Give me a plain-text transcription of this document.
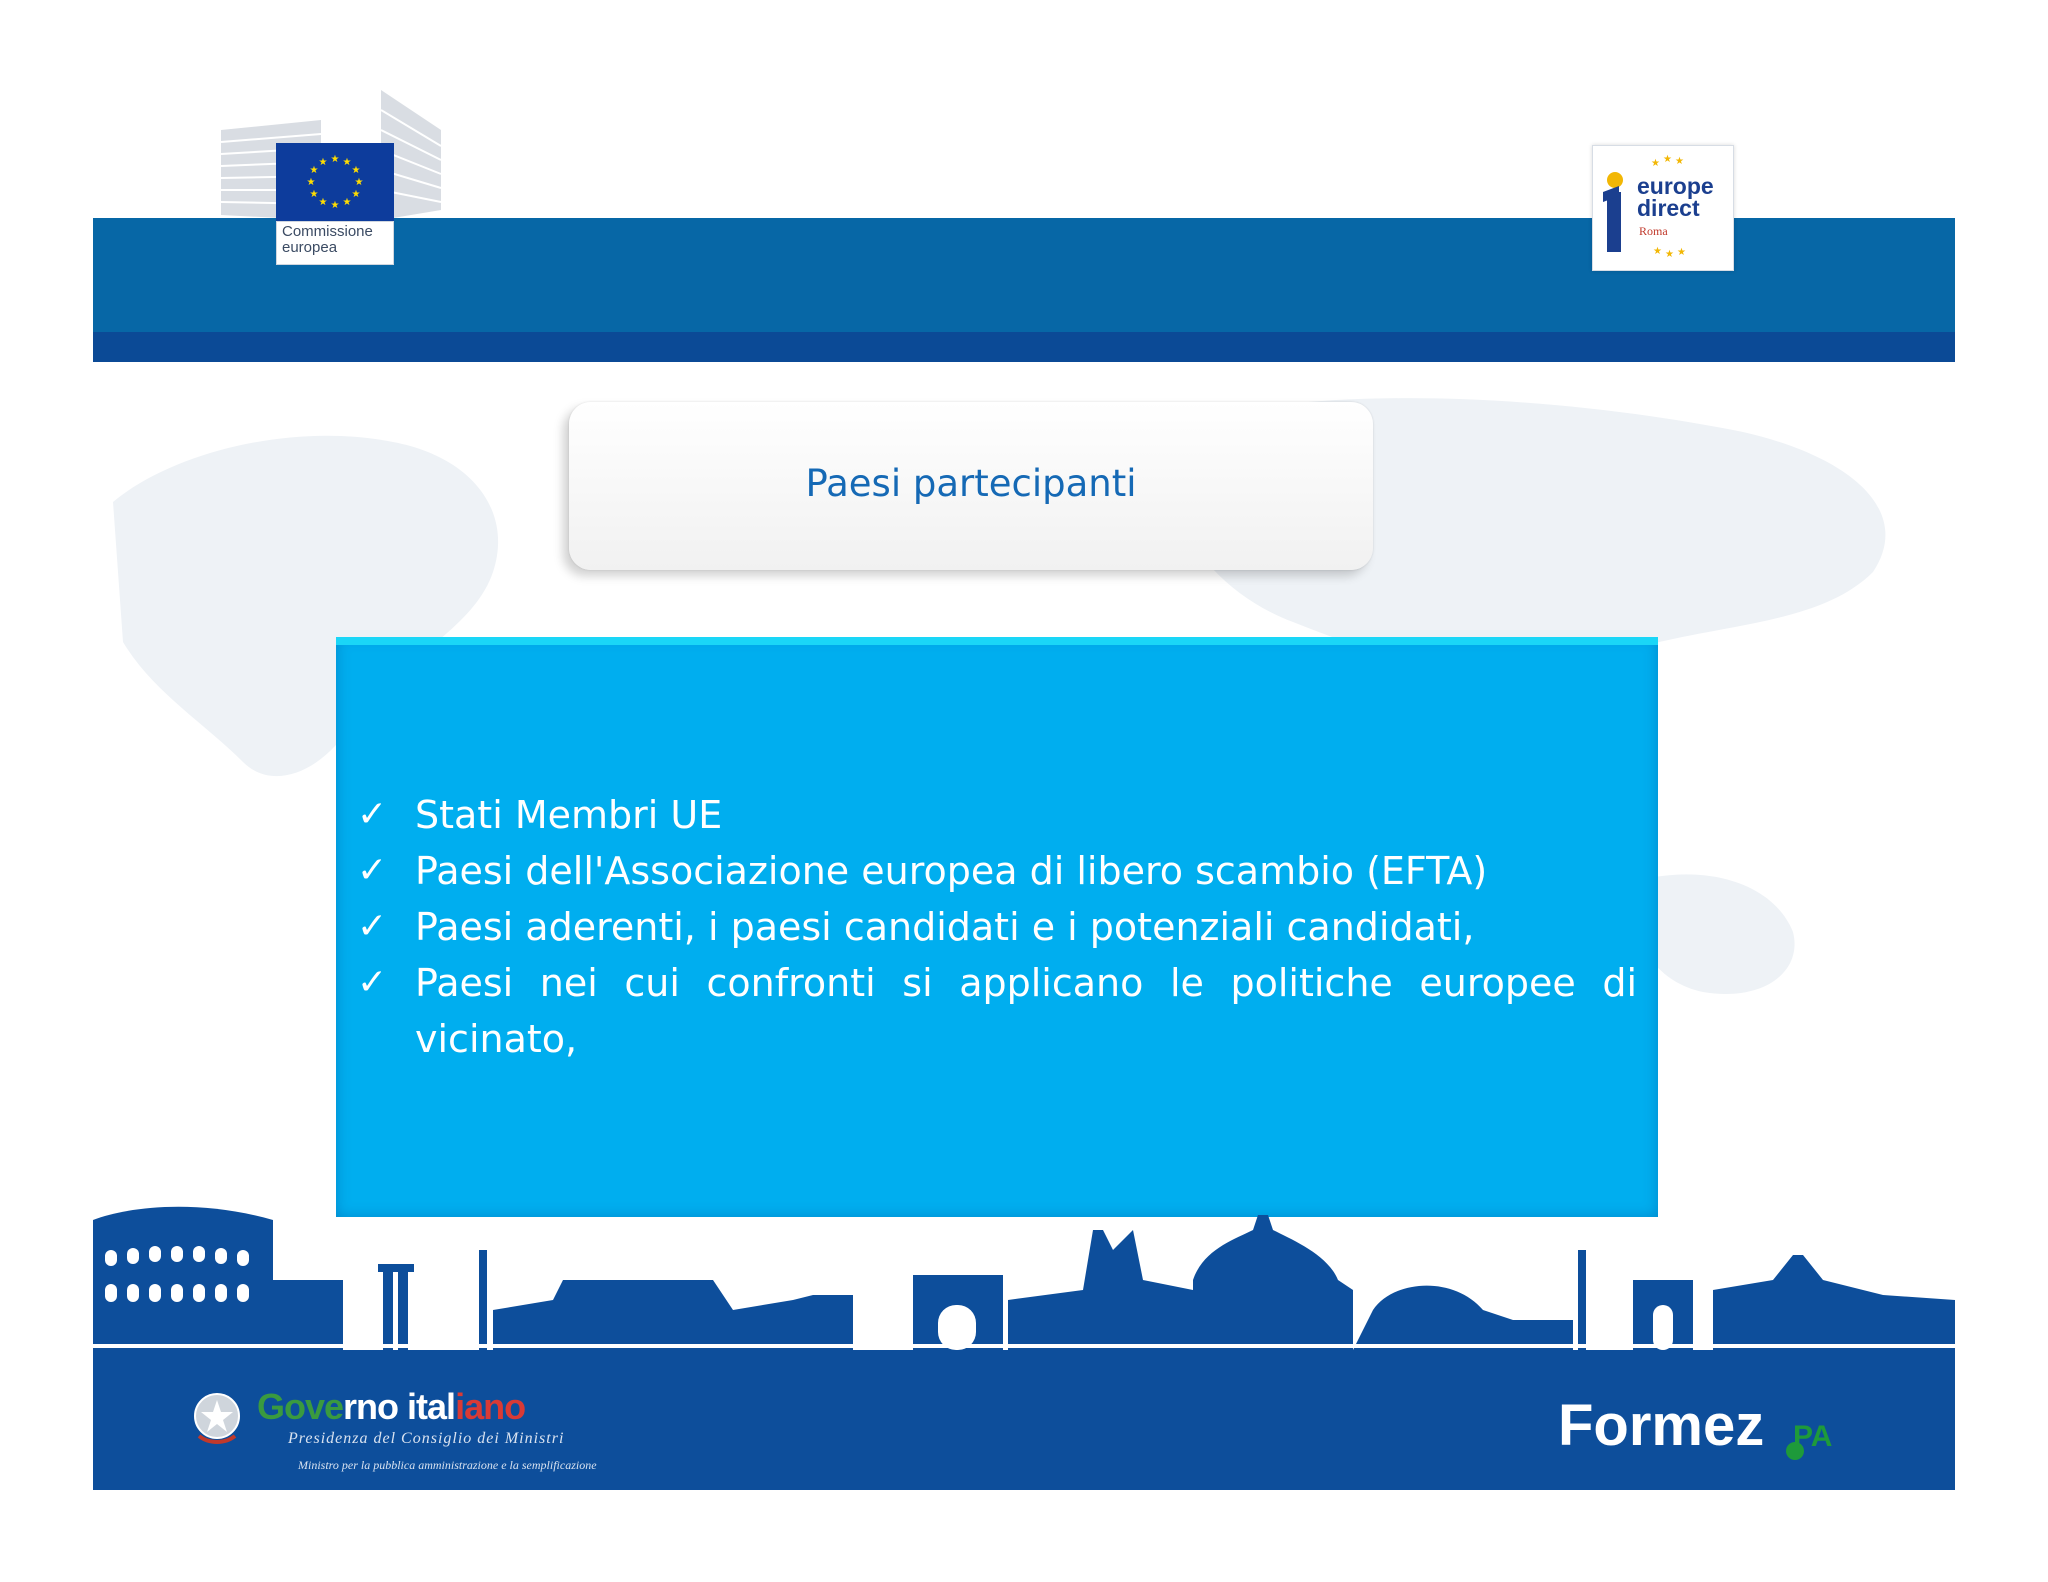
★ ★
★
★
★
★
★
★
★
★
★
★
Commissione
europea
★ ★ ★
★ ★ ★
europe
direct
Roma
Paesi partecipanti
✓ Stati Membri UE
✓ Paesi dell'Associazione europea di libero scambio (EFTA)
✓ Paesi aderenti, i paesi candidati e i potenziali candidati,
✓ Paesi nei cui confronti si applicano le politiche europee di vicinato,
Governo italiano
Presidenza del Consiglio dei Ministri
Ministro per la pubblica amministrazione e la semplificazione
Formez PA
